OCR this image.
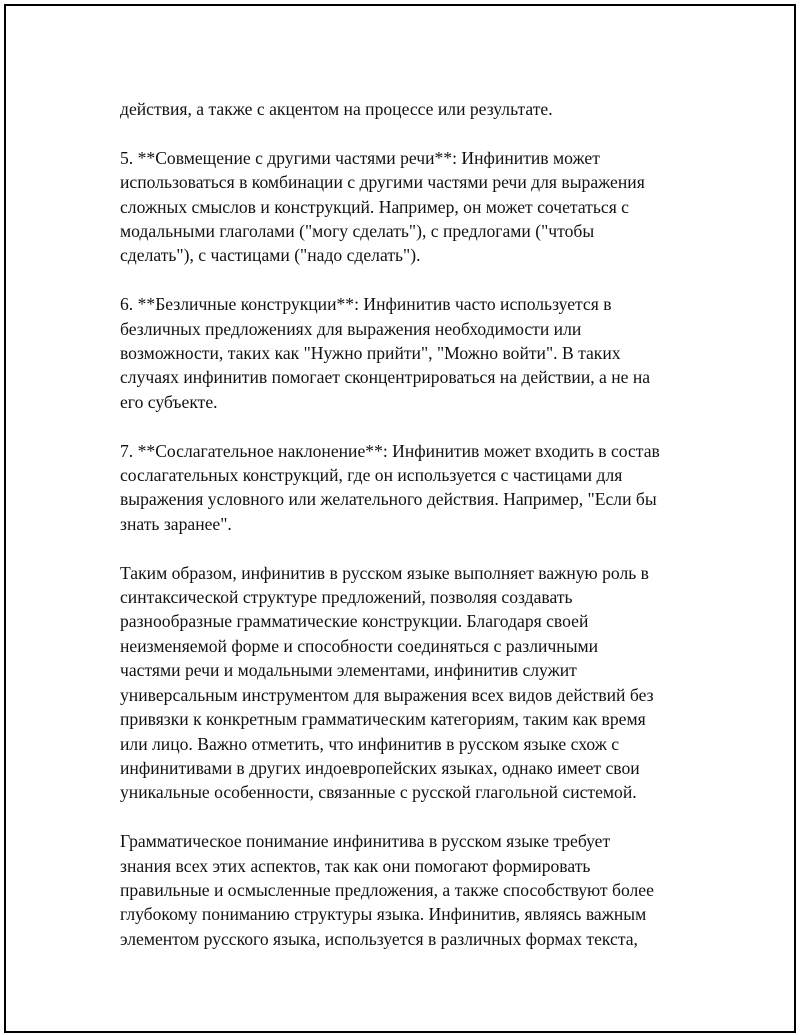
действия, а также с акцентом на процессе или результате.

5. **Совмещение с другими частями речи**: Инфинитив может
использоваться в комбинации с другими частями речи для выражения
сложных смыслов и конструкций. Например, он может сочетаться с
модальными глаголами ("могу сделать"), с предлогами ("чтобы
сделать"), с частицами ("надо сделать").

6. **Безличные конструкции**: Инфинитив часто используется в
безличных предложениях для выражения необходимости или
возможности, таких как "Нужно прийти", "Можно войти". В таких
случаях инфинитив помогает сконцентрироваться на действии, а не на
его субъекте.

7. **Сослагательное наклонение**: Инфинитив может входить в состав
сослагательных конструкций, где он используется с частицами для
выражения условного или желательного действия. Например, "Если бы
знать заранее".

Таким образом, инфинитив в русском языке выполняет важную роль в
синтаксической структуре предложений, позволяя создавать
разнообразные грамматические конструкции. Благодаря своей
неизменяемой форме и способности соединяться с различными
частями речи и модальными элементами, инфинитив служит
универсальным инструментом для выражения всех видов действий без
привязки к конкретным грамматическим категориям, таким как время
или лицо. Важно отметить, что инфинитив в русском языке схож с
инфинитивами в других индоевропейских языках, однако имеет свои
уникальные особенности, связанные с русской глагольной системой.

Грамматическое понимание инфинитива в русском языке требует
знания всех этих аспектов, так как они помогают формировать
правильные и осмысленные предложения, а также способствуют более
глубокому пониманию структуры языка. Инфинитив, являясь важным
элементом русского языка, используется в различных формах текста,
